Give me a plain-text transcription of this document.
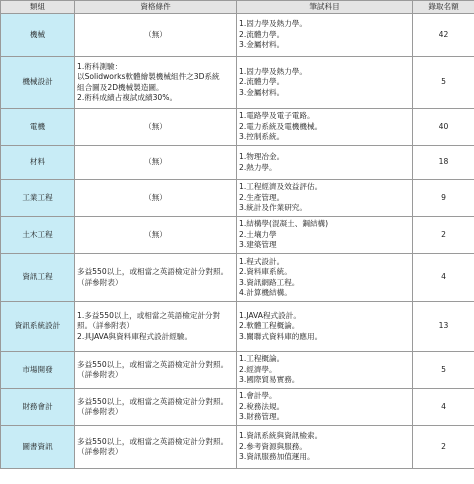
類組	資格條件	筆試科目	錄取名額
機械	（無）	1.固力學及熱力學。
2.流體力學。
3.金屬材料。	42
機械設計	1.術科測驗：
以Solidworks軟體繪製機械組件之3D系統
組合圖及2D機械製造圖。
2.術科成績占複試成績30%。	1.固力學及熱力學。
2.流體力學。
3.金屬材料。	5
電機	（無）	1.電路學及電子電路。
2.電力系統及電機機械。
3.控制系統。	40
材料	（無）	1.物理冶金。
2.熱力學。	18
工業工程	（無）	1.工程經濟及效益評估。
2.生產管理。
3.統計及作業研究。	9
土木工程	（無）	1.結構學(混凝土、鋼結構)
2.土壤力學
3.建築管理	2
資訊工程	多益550以上，或相當之英語檢定計分對照。（詳參附表）	1.程式設計。
2.資料庫系統。
3.資訊網路工程。
4.計算機結構。	4
資訊系統設計	1.多益550以上，或相當之英語檢定計分對照。（詳參附表）
2.具JAVA與資料庫程式設計經驗。	1.JAVA程式設計。
2.軟體工程概論。
3.關聯式資料庫的應用。	13
市場開發	多益550以上，或相當之英語檢定計分對照。（詳參附表）	1.工程概論。
2.經濟學。
3.國際貿易實務。	5
財務會計	多益550以上，或相當之英語檢定計分對照。（詳參附表）	1.會計學。
2.稅務法規。
3.財務管理。	4
圖書資訊	多益550以上，或相當之英語檢定計分對照。（詳參附表）	1.資訊系統與資訊檢索。
2.參考資源與服務。
3.資訊服務加值運用。	2
